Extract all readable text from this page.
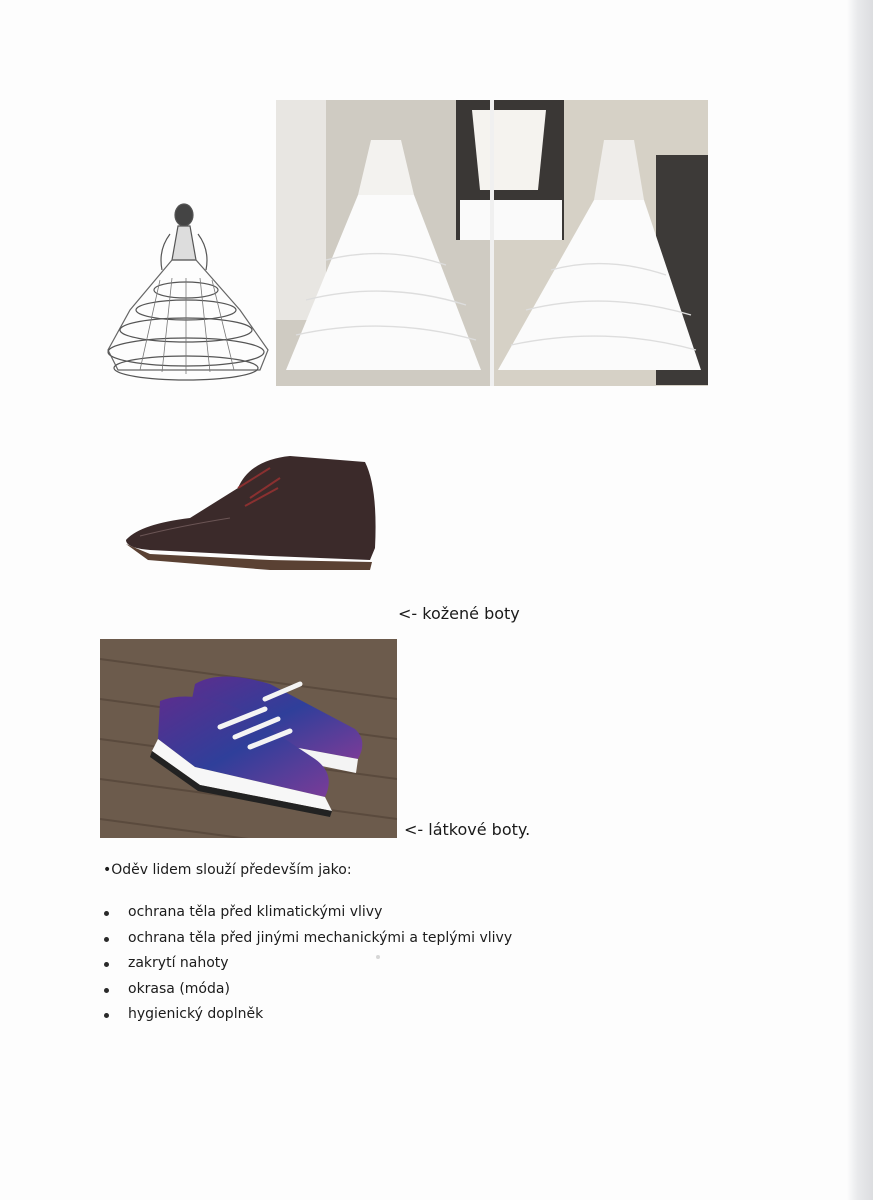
<- kožené boty
<- látkové boty.
•Oděv lidem slouží především jako:
ochrana těla před klimatickými vlivy
ochrana těla před jinými mechanickými a teplými vlivy
zakrytí nahoty
okrasa (móda)
hygienický doplněk
